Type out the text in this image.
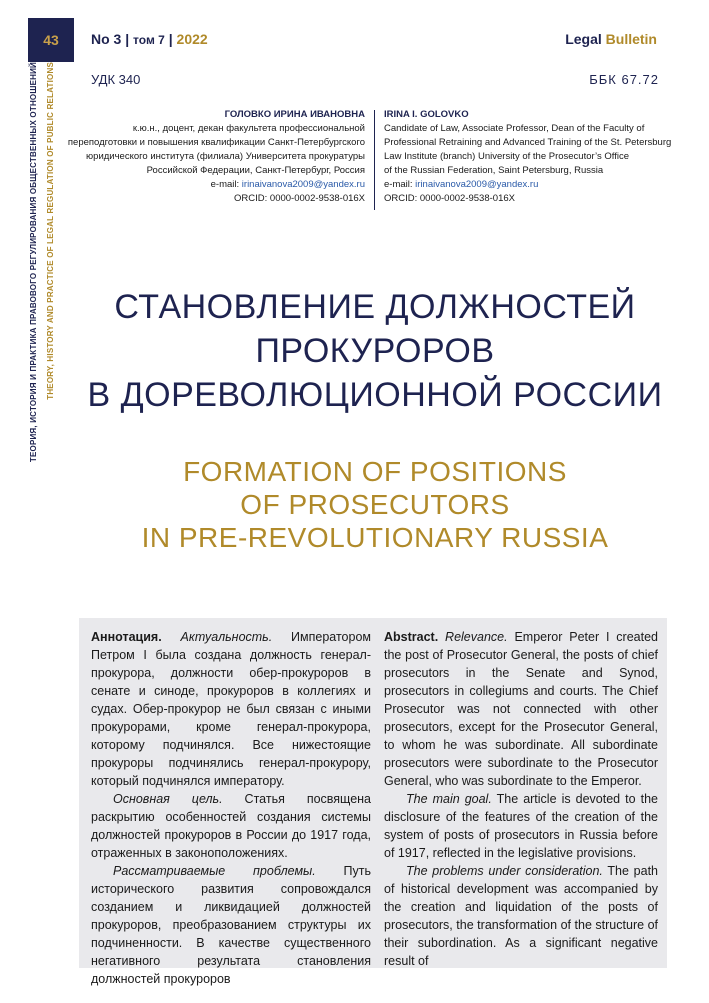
43	No 3 | том 7 | 2022	Legal Bulletin
ТЕОРИЯ, ИСТОРИЯ И ПРАКТИКА ПРАВОВОГО РЕГУЛИРОВАНИЯ ОБЩЕСТВЕННЫХ ОТНОШЕНИЙ THEORY, HISTORY AND PRACTICE OF LEGAL REGULATION OF PUBLIC RELATIONS	УДК 340	ББК 67.72
ГОЛОВКО ИРИНА ИВАНОВНА
к.ю.н., доцент, декан факультета профессиональной
переподготовки и повышения квалификации Санкт-Петербургского
юридического института (филиала) Университета прокуратуры
Российской Федерации, Санкт-Петербург, Россия
e-mail: irinaivanova2009@yandex.ru
ORCID: 0000-0002-9538-016X
IRINA I. GOLOVKO
Candidate of Law, Associate Professor, Dean of the Faculty of
Professional Retraining and Advanced Training of the St. Petersburg
Law Institute (branch) University of the Prosecutor’s Office
of the Russian Federation, Saint Petersburg, Russia
e-mail: irinaivanova2009@yandex.ru
ORCID: 0000-0002-9538-016X
СТАНОВЛЕНИЕ ДОЛЖНОСТЕЙ
ПРОКУРОРОВ
В ДОРЕВОЛЮЦИОННОЙ РОССИИ
FORMATION OF POSITIONS
OF PROSECUTORS
IN PRE-REVOLUTIONARY RUSSIA

Аннотация. Актуальность. Императором Петром I была создана должность генерал-прокурора, должности обер-прокуроров в сенате и синоде, прокуроров в коллегиях и судах. Обер-прокурор не был связан с иными прокурорами, кроме генерал-прокурора, которому подчинялся. Все нижестоящие прокуроры подчинялись генерал-прокурору, который подчинялся императору.

Основная цель. Статья посвящена раскрытию особенностей создания системы должностей прокуроров в России до 1917 года, отраженных в законоположениях.

Рассматриваемые проблемы. Путь исторического развития сопровождался созданием и ликвидацией должностей прокуроров, преобразованием структуры их подчиненности. В качестве существенного негативного результата становления должностей прокуроров

Abstract. Relevance. Emperor Peter I created the post of Prosecutor General, the posts of chief prosecutors in the Senate and Synod, prosecutors in collegiums and courts. The Chief Prosecutor was not connected with other prosecutors, except for the Prosecutor General, to whom he was subordinate. All subordinate prosecutors were subordinate to the Prosecutor General, who was subordinate to the Emperor.

The main goal. The article is devoted to the disclosure of the features of the creation of the system of posts of prosecutors in Russia before of 1917, reflected in the legislative provisions.

The problems under consideration. The path of historical development was accompanied by the creation and liquidation of the posts of prosecutors, the transformation of the structure of their subordination. As a significant negative result of
